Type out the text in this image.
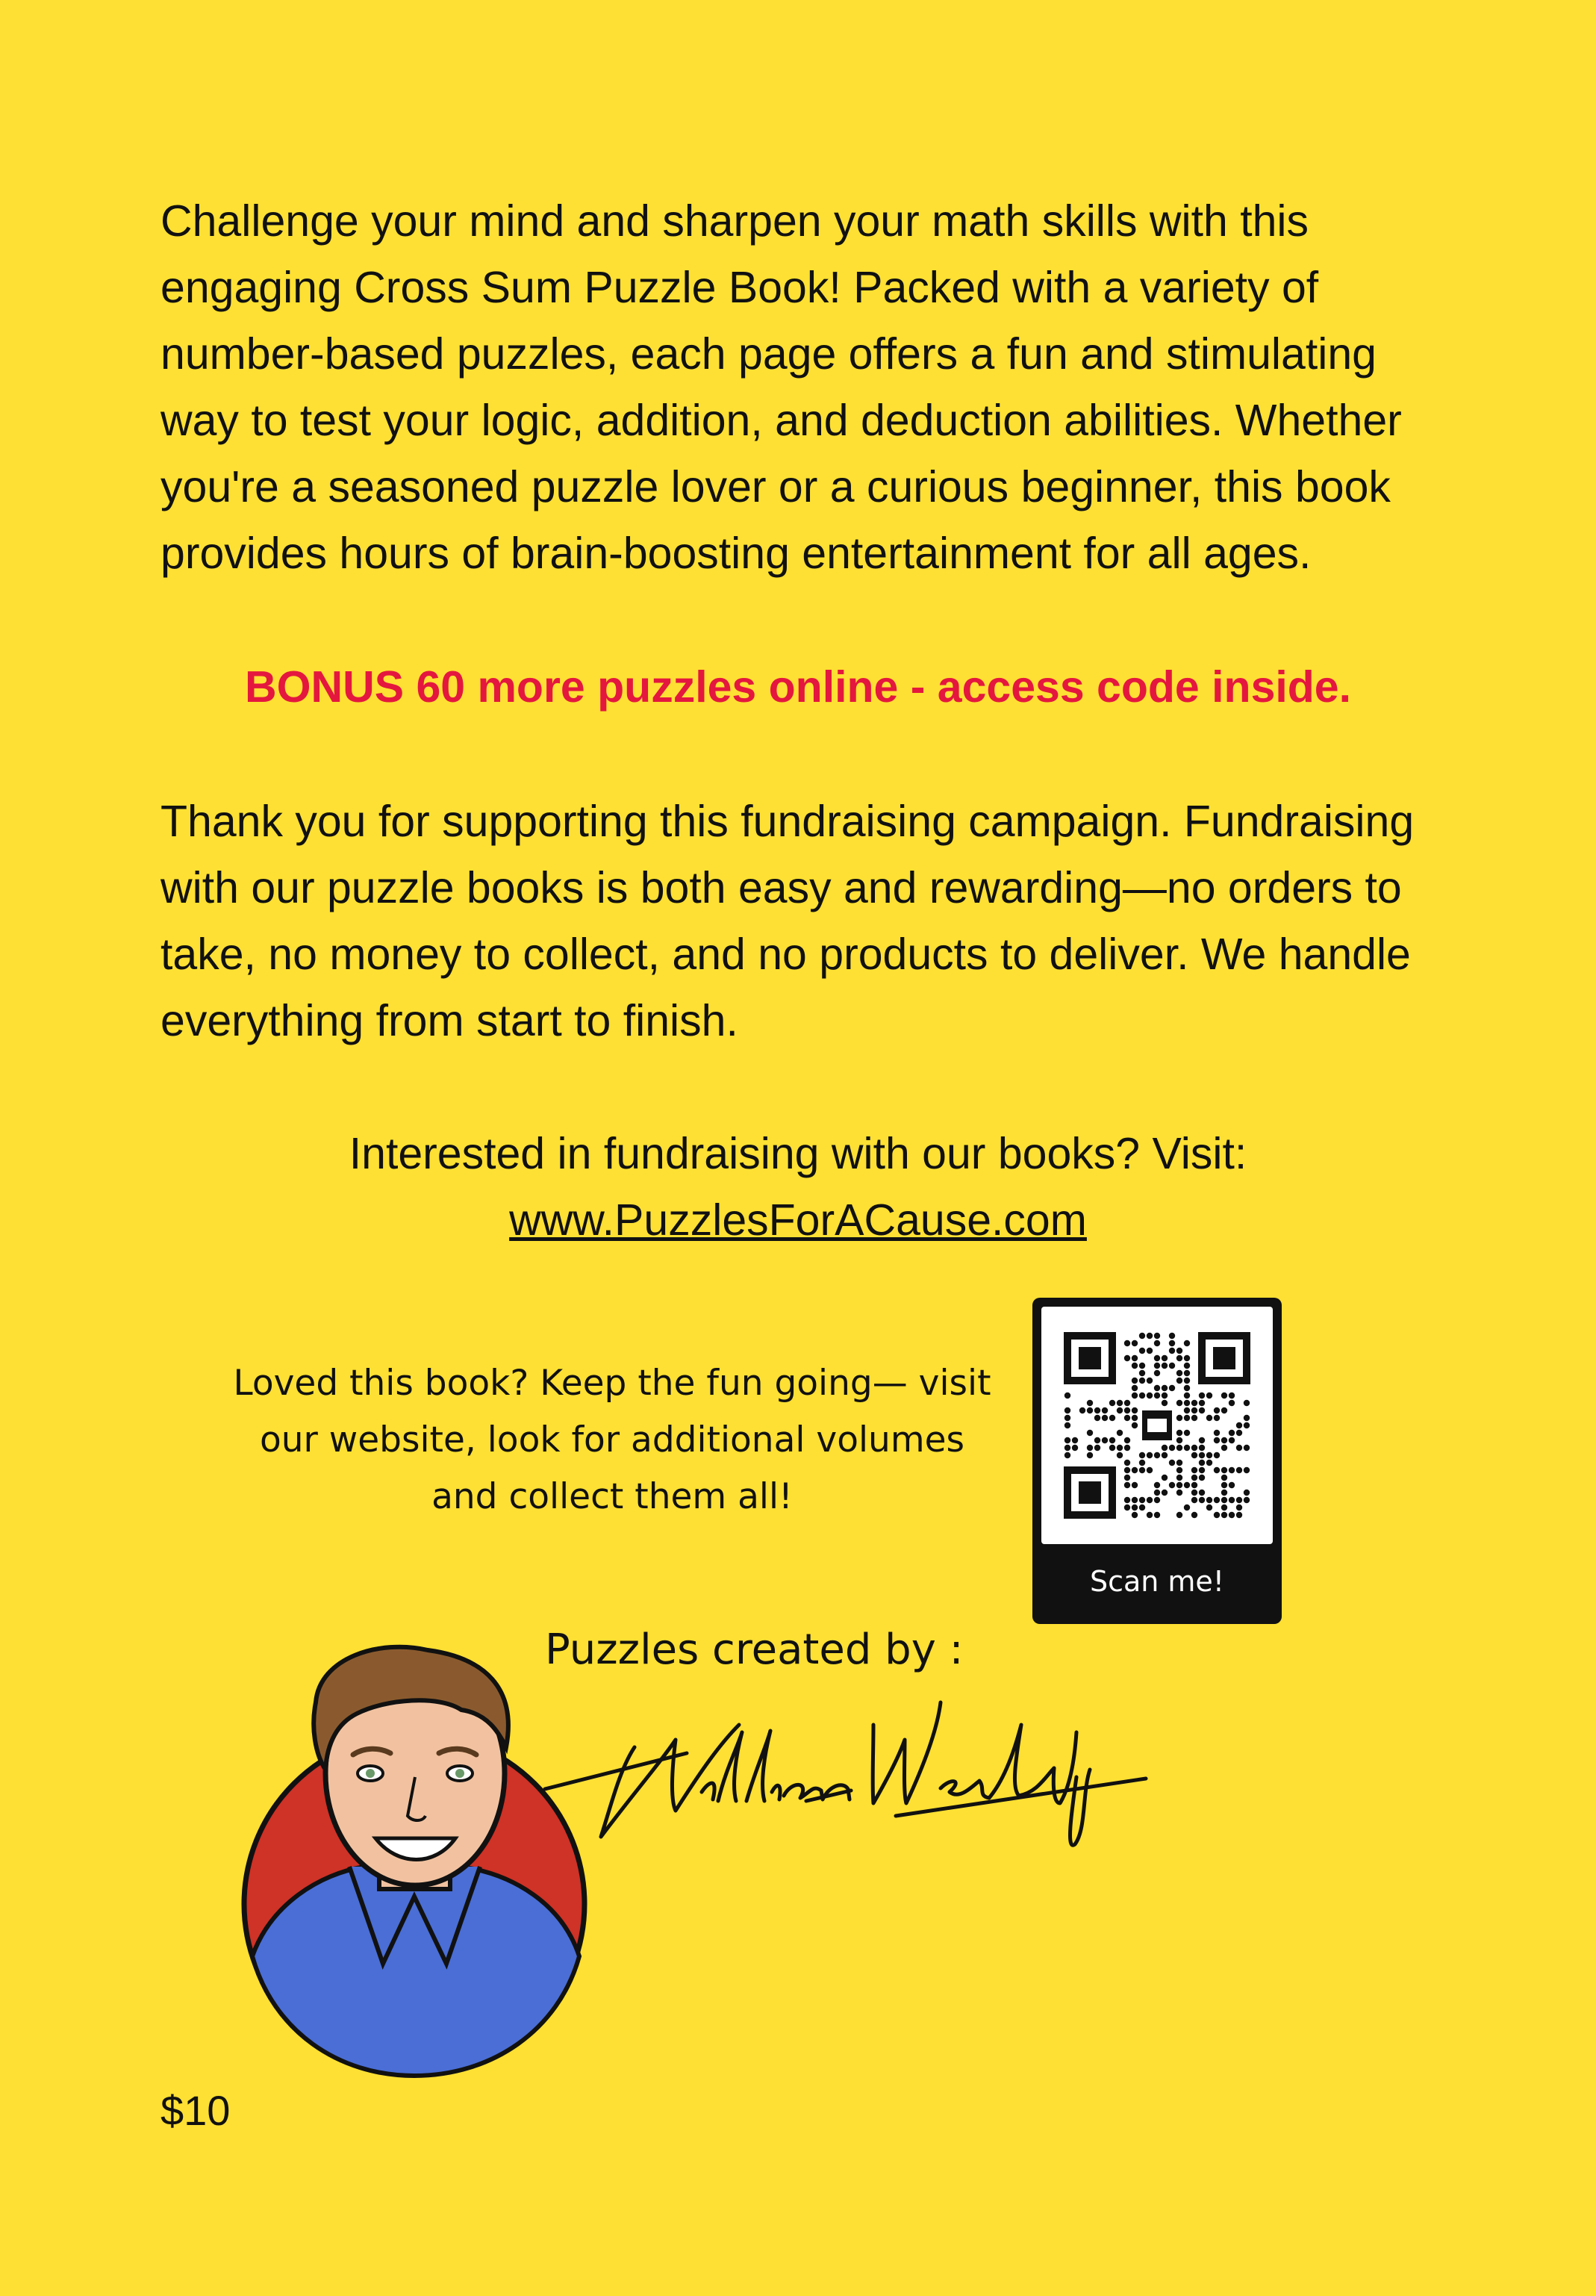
Challenge your mind and sharpen your math skills with this engaging Cross Sum Puzzle Book! Packed with a variety of number-based puzzles, each page offers a fun and stimulating way to test your logic, addition, and deduction abilities. Whether you're a seasoned puzzle lover or a curious beginner, this book provides hours of brain-boosting entertainment for all ages.
BONUS 60 more puzzles online - access code inside.
Thank you for supporting this fundraising campaign. Fundraising with our puzzle books is both easy and rewarding—no orders to take, no money to collect, and no products to deliver. We handle everything from start to finish.
Interested in fundraising with our books? Visit:
www.PuzzlesForACause.com
Loved this book? Keep the fun going— visit our website, look for additional volumes and collect them all!
Scan me!
Puzzles created by :
$10
